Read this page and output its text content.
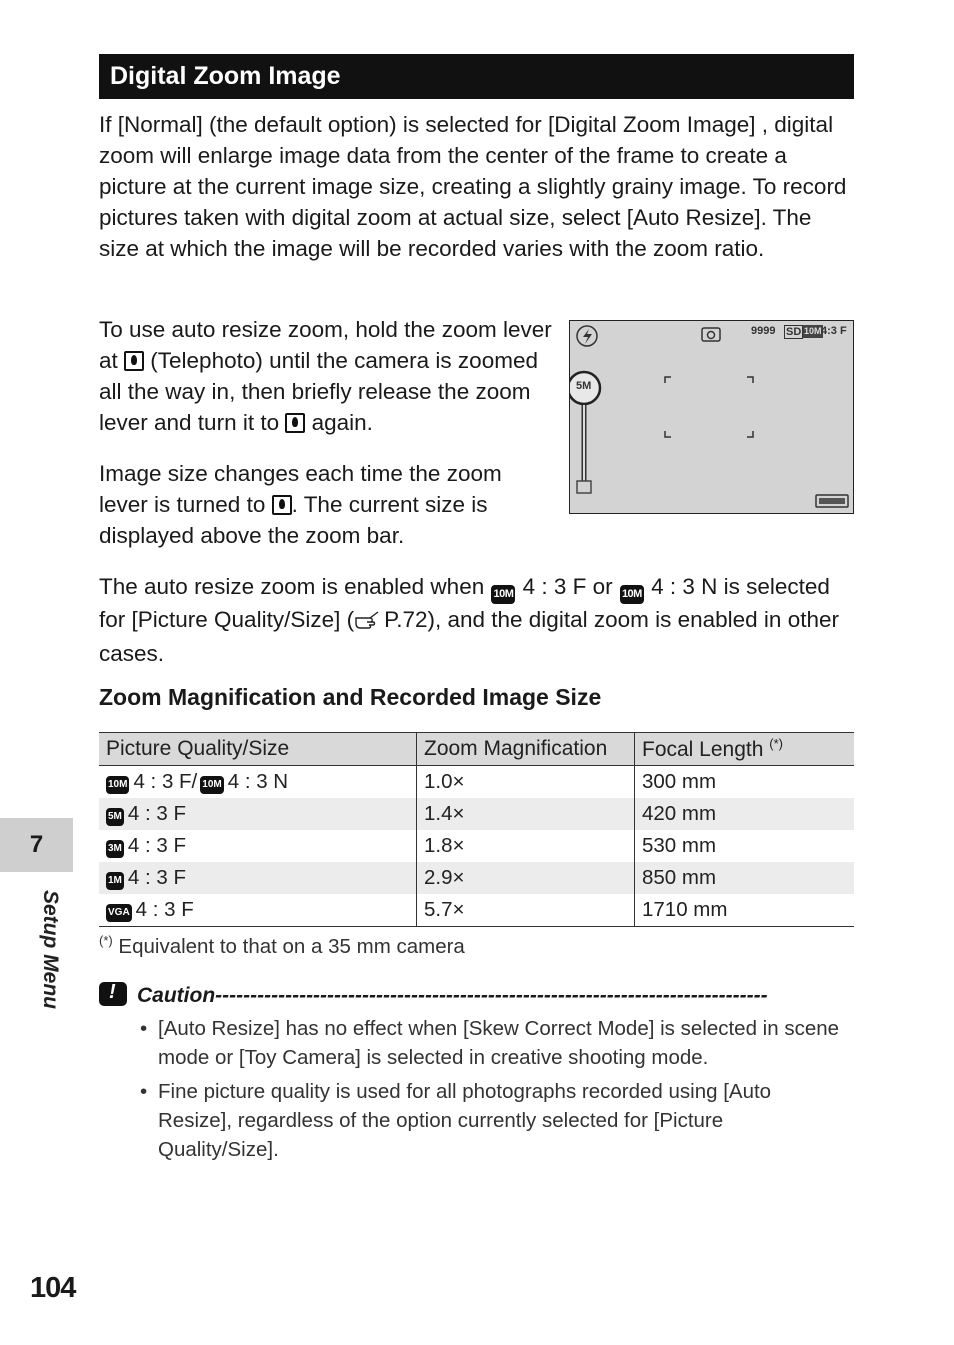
Digital Zoom Image
If [Normal] (the default option) is selected for [Digital Zoom Image] , digital zoom will enlarge image data from the center of the frame to create a picture at the current image size, creating a slightly grainy image. To record pictures taken with digital zoom at actual size, select [Auto Resize]. The size at which the image will be recorded varies with the zoom ratio.
To use auto resize zoom, hold the zoom lever at  (Telephoto) until the camera is zoomed all the way in, then briefly release the zoom lever and turn it to  again.
Image size changes each time the zoom lever is turned to . The current size is displayed above the zoom bar.
9999 SD 10M 4:3 F
5M
The auto resize zoom is enabled when 10M 4 : 3 F or 10M 4 : 3 N is selected for [Picture Quality/Size] ( P.72), and the digital zoom is enabled in other cases.
Zoom Magnification and Recorded Image Size
Picture Quality/Size	Zoom Magnification	Focal Length (*)
10M 4 : 3 F/ 10M 4 : 3 N	1.0×	300 mm
5M 4 : 3 F	1.4×	420 mm
3M 4 : 3 F	1.8×	530 mm
1M 4 : 3 F	2.9×	850 mm
VGA 4 : 3 F	5.7×	1710 mm
(*) Equivalent to that on a 35 mm camera
!Caution-------------------------------------------------------------------------------
• [Auto Resize] has no effect when [Skew Correct Mode] is selected in scene mode or [Toy Camera] is selected in creative shooting mode.
• Fine picture quality is used for all photographs recorded using [Auto Resize], regardless of the option currently selected for [Picture Quality/Size].
7
Setup Menu
104
